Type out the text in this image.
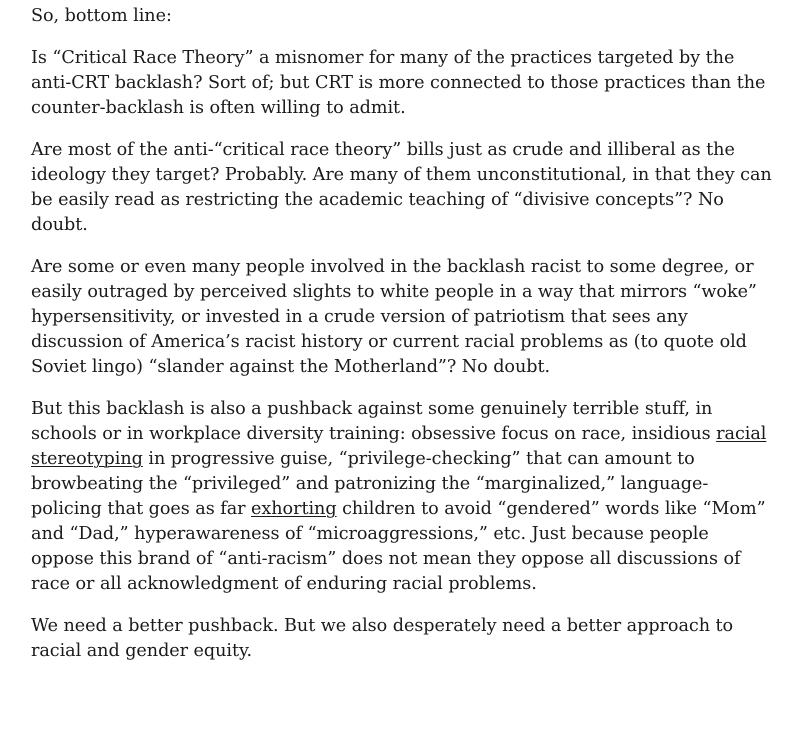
So, bottom line:

Is “Critical Race Theory” a misnomer for many of the practices targeted by the anti-CRT backlash? Sort of; but CRT is more connected to those practices than the counter-backlash is often willing to admit.

Are most of the anti-“critical race theory” bills just as crude and illiberal as the ideology they target? Probably. Are many of them unconstitutional, in that they can be easily read as restricting the academic teaching of “divisive concepts”? No doubt.

Are some or even many people involved in the backlash racist to some degree, or easily outraged by perceived slights to white people in a way that mirrors “woke” hypersensitivity, or invested in a crude version of patriotism that sees any discussion of America’s racist history or current racial problems as (to quote old Soviet lingo) “slander against the Motherland”? No doubt.

But this backlash is also a pushback against some genuinely terrible stuff, in schools or in workplace diversity training: obsessive focus on race, insidious racial stereotyping in progressive guise, “privilege-checking” that can amount to browbeating the “privileged” and patronizing the “marginalized,” language-policing that goes as far exhorting children to avoid “gendered” words like “Mom” and “Dad,” hyperawareness of “microaggressions,” etc. Just because people oppose this brand of “anti-racism” does not mean they oppose all discussions of race or all acknowledgment of enduring racial problems.

We need a better pushback. But we also desperately need a better approach to racial and gender equity.
